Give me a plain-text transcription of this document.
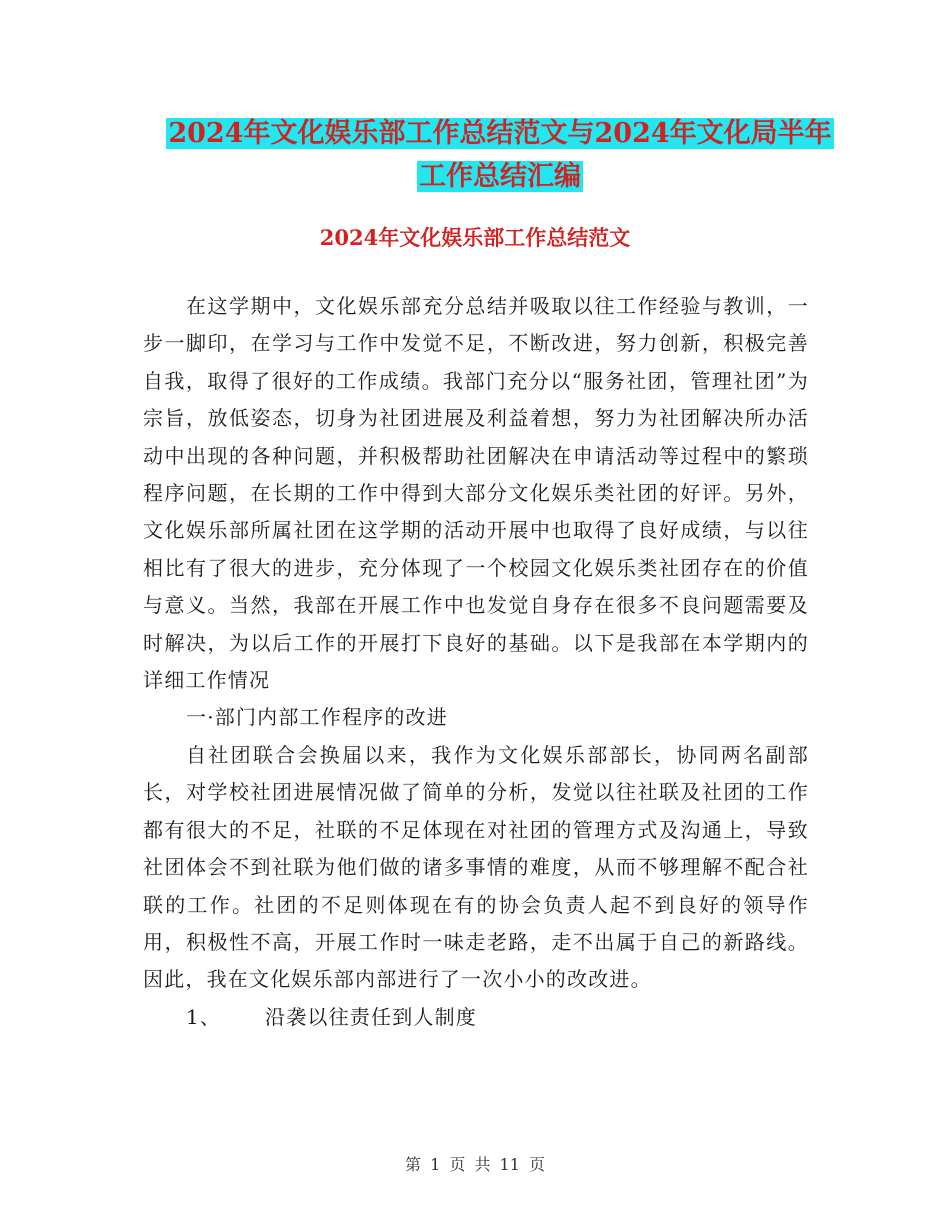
2024年文化娱乐部工作总结范文与2024年文化局半年
工作总结汇编
2024年文化娱乐部工作总结范文

在这学期中，文化娱乐部充分总结并吸取以往工作经验与教训，一步一脚印，在学习与工作中发觉不足，不断改进，努力创新，积极完善自我，取得了很好的工作成绩。我部门充分以“服务社团，管理社团”为宗旨，放低姿态，切身为社团进展及利益着想，努力为社团解决所办活动中出现的各种问题，并积极帮助社团解决在申请活动等过程中的繁琐程序问题，在长期的工作中得到大部分文化娱乐类社团的好评。另外，文化娱乐部所属社团在这学期的活动开展中也取得了良好成绩，与以往相比有了很大的进步，充分体现了一个校园文化娱乐类社团存在的价值与意义。当然，我部在开展工作中也发觉自身存在很多不良问题需要及时解决，为以后工作的开展打下良好的基础。以下是我部在本学期内的详细工作情况

一·部门内部工作程序的改进

自社团联合会换届以来，我作为文化娱乐部部长，协同两名副部长，对学校社团进展情况做了简单的分析，发觉以往社联及社团的工作都有很大的不足，社联的不足体现在对社团的管理方式及沟通上，导致社团体会不到社联为他们做的诸多事情的难度，从而不够理解不配合社联的工作。社团的不足则体现在有的协会负责人起不到良好的领导作用，积极性不高，开展工作时一味走老路，走不出属于自己的新路线。因此，我在文化娱乐部内部进行了一次小小的改改进。

1、	沿袭以往责任到人制度
第 1 页 共 11 页
